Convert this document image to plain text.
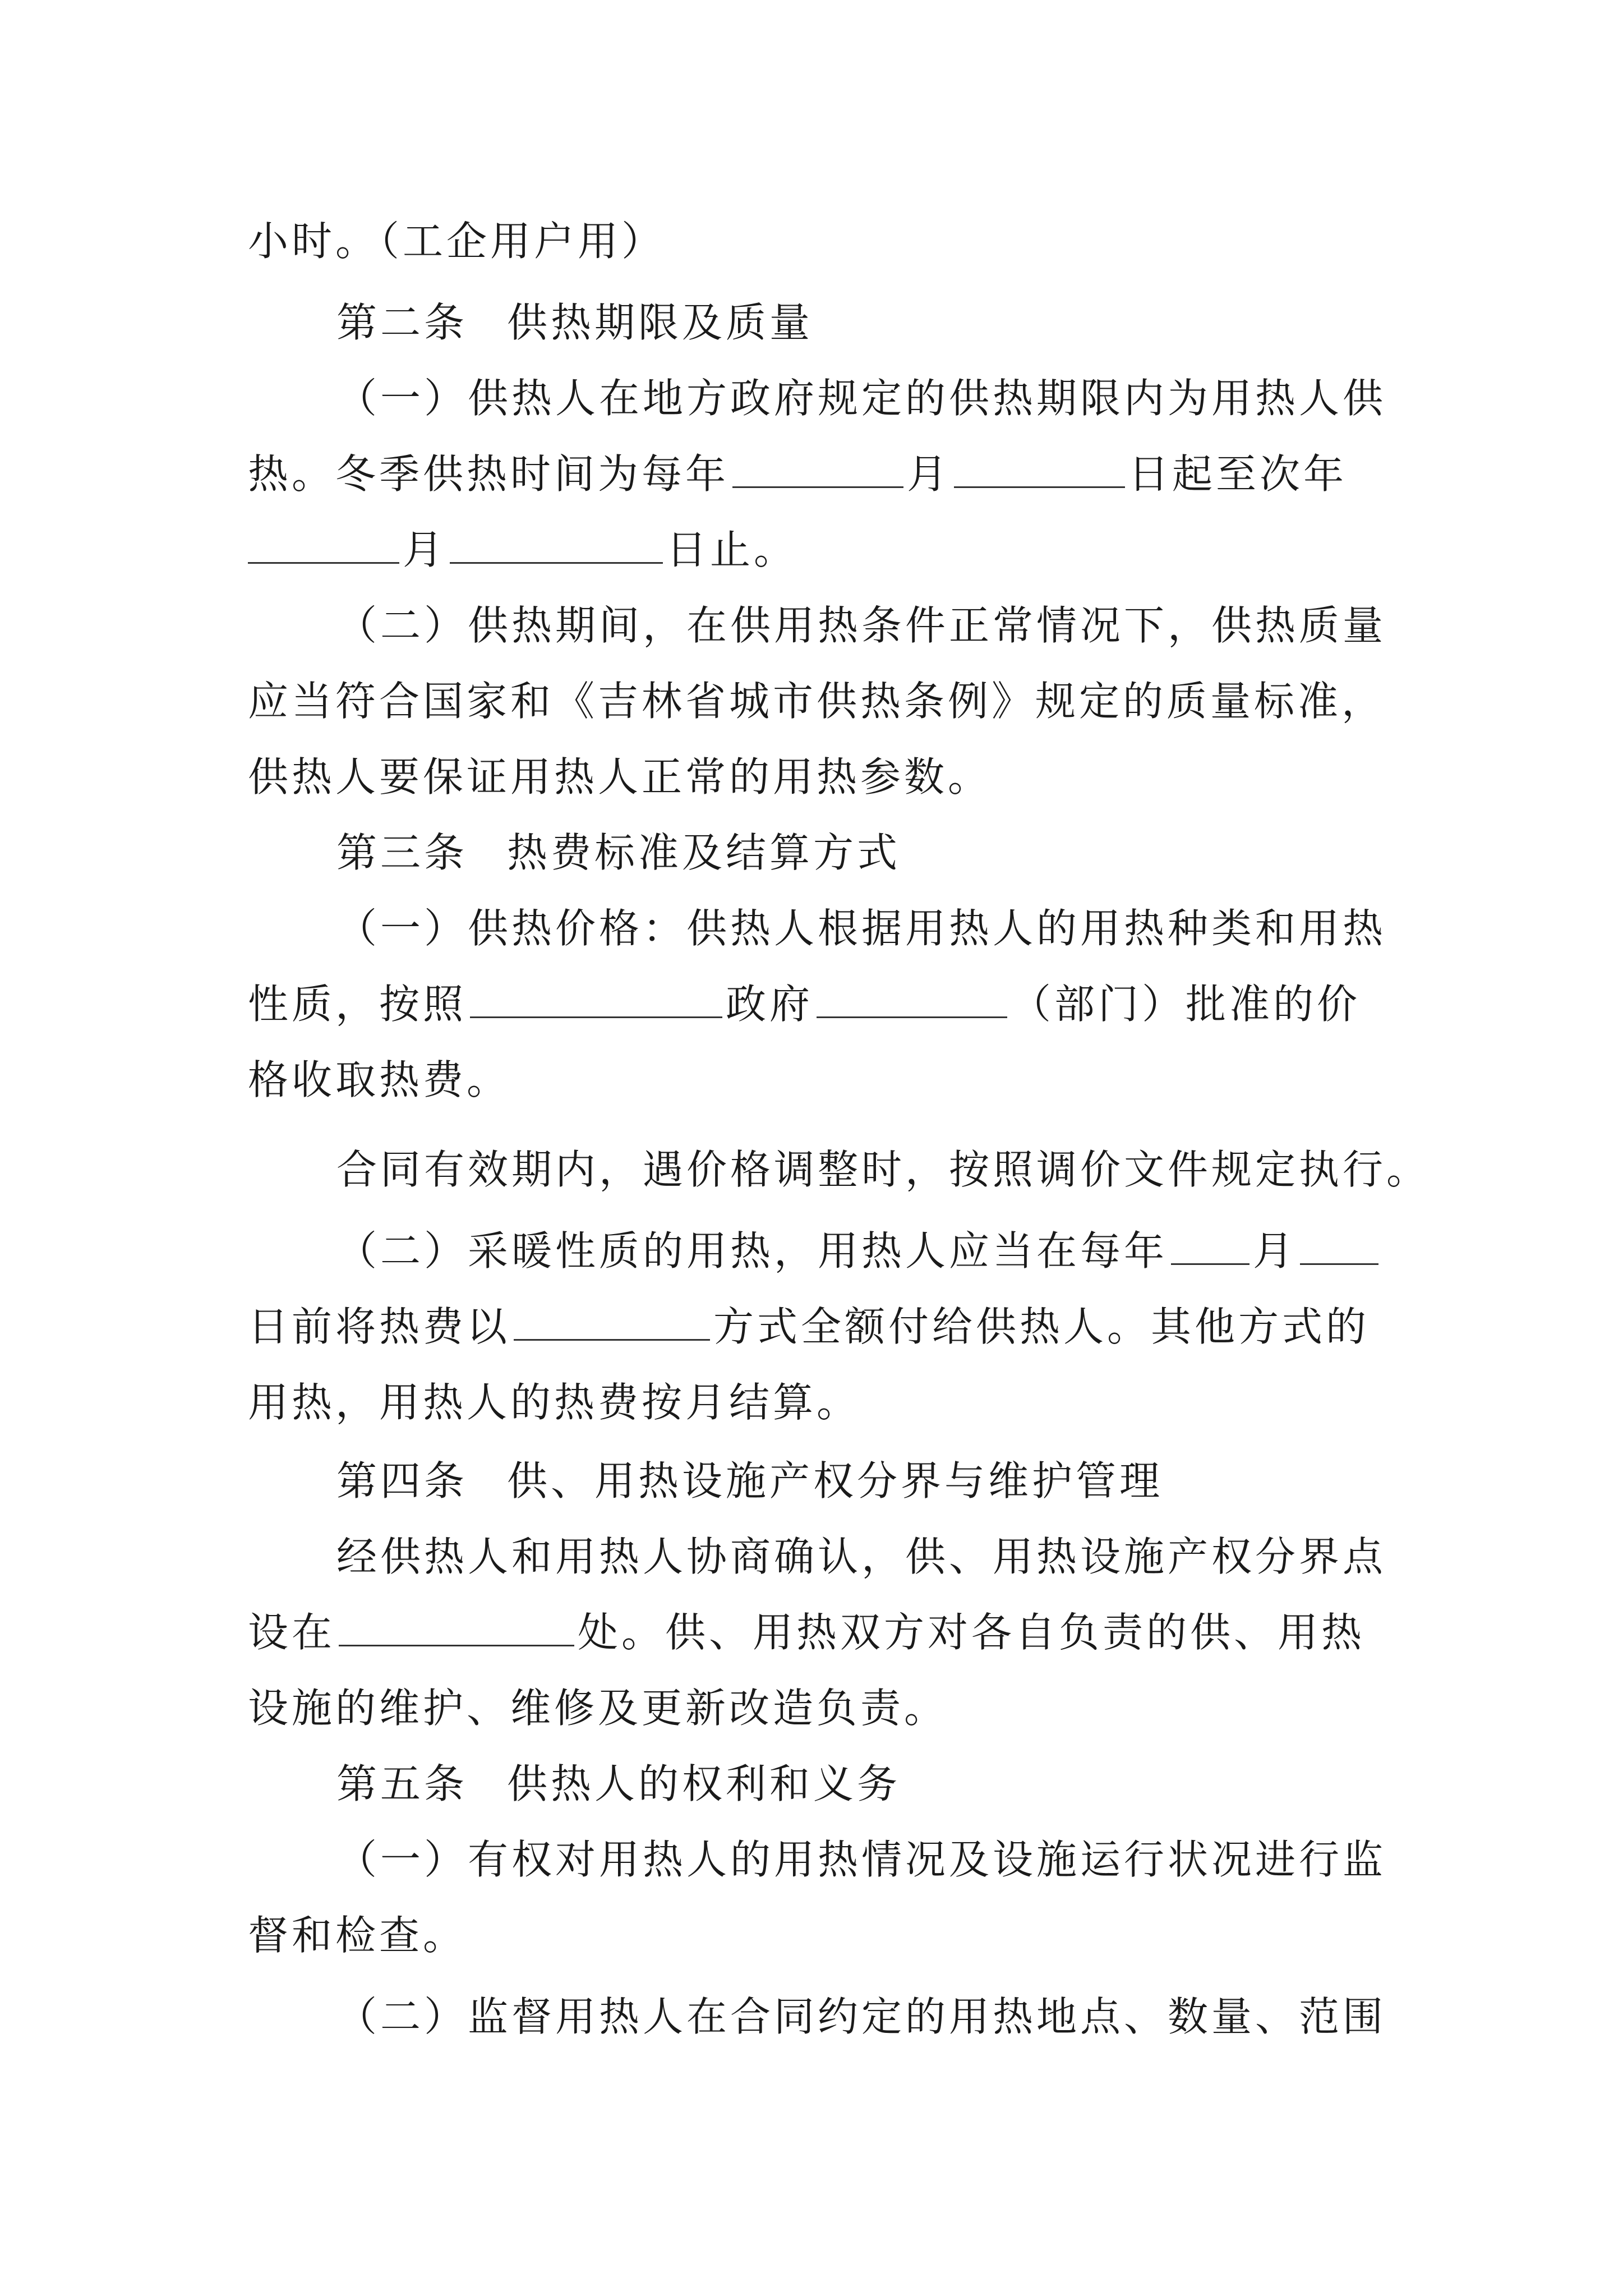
小时。（工企用户用）
第二条 供热期限及质量
（一）供热人在地方政府规定的供热期限内为用热人供
热。冬季供热时间为每年	月	日起至次年
月	日止。
（二）供热期间，在供用热条件正常情况下，供热质量
应当符合国家和《吉林省城市供热条例》规定的质量标准，
供热人要保证用热人正常的用热参数。
第三条 热费标准及结算方式
（一）供热价格：供热人根据用热人的用热种类和用热
性质，按照	政府	（部门）批准的价
格收取热费。
合同有效期内，遇价格调整时，按照调价文件规定执行。
（二）采暖性质的用热，用热人应当在每年 月
日前将热费以	方式全额付给供热人。其他方式的
用热，用热人的热费按月结算。
第四条 供、用热设施产权分界与维护管理
经供热人和用热人协商确认，供、用热设施产权分界点
设在	处。供、用热双方对各自负责的供、用热
设施的维护、维修及更新改造负责。
第五条 供热人的权利和义务
（一）有权对用热人的用热情况及设施运行状况进行监
督和检查。
（二）监督用热人在合同约定的用热地点、数量、范围
